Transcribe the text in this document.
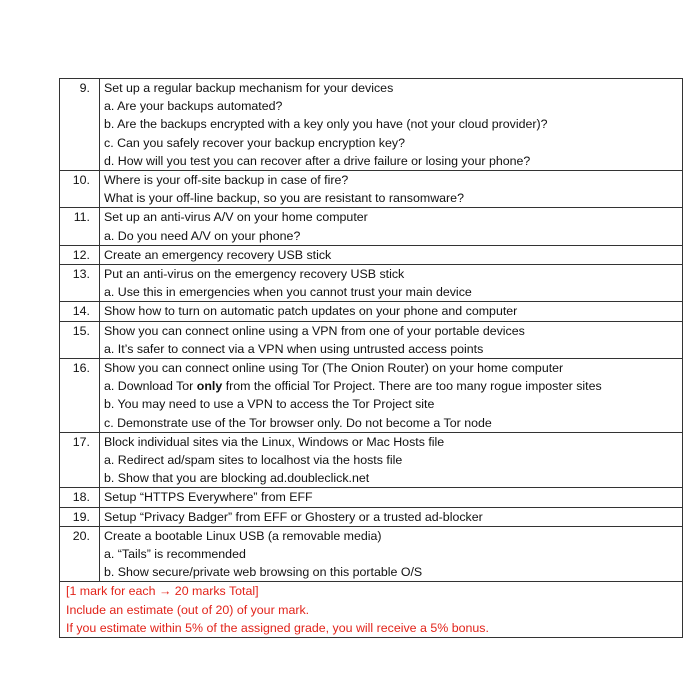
9.	Set up a regular backup mechanism for your devices
a. Are your backups automated?
b. Are the backups encrypted with a key only you have (not your cloud provider)?
c. Can you safely recover your backup encryption key?
d. How will you test you can recover after a drive failure or losing your phone?

10.	Where is your off-site backup in case of fire?
What is your off-line backup, so you are resistant to ransomware?

11.	Set up an anti-virus A/V on your home computer
a. Do you need A/V on your phone?

12.	Create an emergency recovery USB stick

13.	Put an anti-virus on the emergency recovery USB stick
a. Use this in emergencies when you cannot trust your main device

14.	Show how to turn on automatic patch updates on your phone and computer

15.	Show you can connect online using a VPN from one of your portable devices
a. It’s safer to connect via a VPN when using untrusted access points

16.	Show you can connect online using Tor (The Onion Router) on your home computer
a. Download Tor only from the official Tor Project. There are too many rogue imposter sites
b. You may need to use a VPN to access the Tor Project site
c. Demonstrate use of the Tor browser only. Do not become a Tor node

17.	Block individual sites via the Linux, Windows or Mac Hosts file
a. Redirect ad/spam sites to localhost via the hosts file
b. Show that you are blocking ad.doubleclick.net

18.	Setup “HTTPS Everywhere” from EFF

19.	Setup “Privacy Badger” from EFF or Ghostery or a trusted ad-blocker

20.	Create a bootable Linux USB (a removable media)
a. “Tails” is recommended
b. Show secure/private web browsing on this portable O/S

[1 mark for each → 20 marks Total]
Include an estimate (out of 20) of your mark.
If you estimate within 5% of the assigned grade, you will receive a 5% bonus.	
